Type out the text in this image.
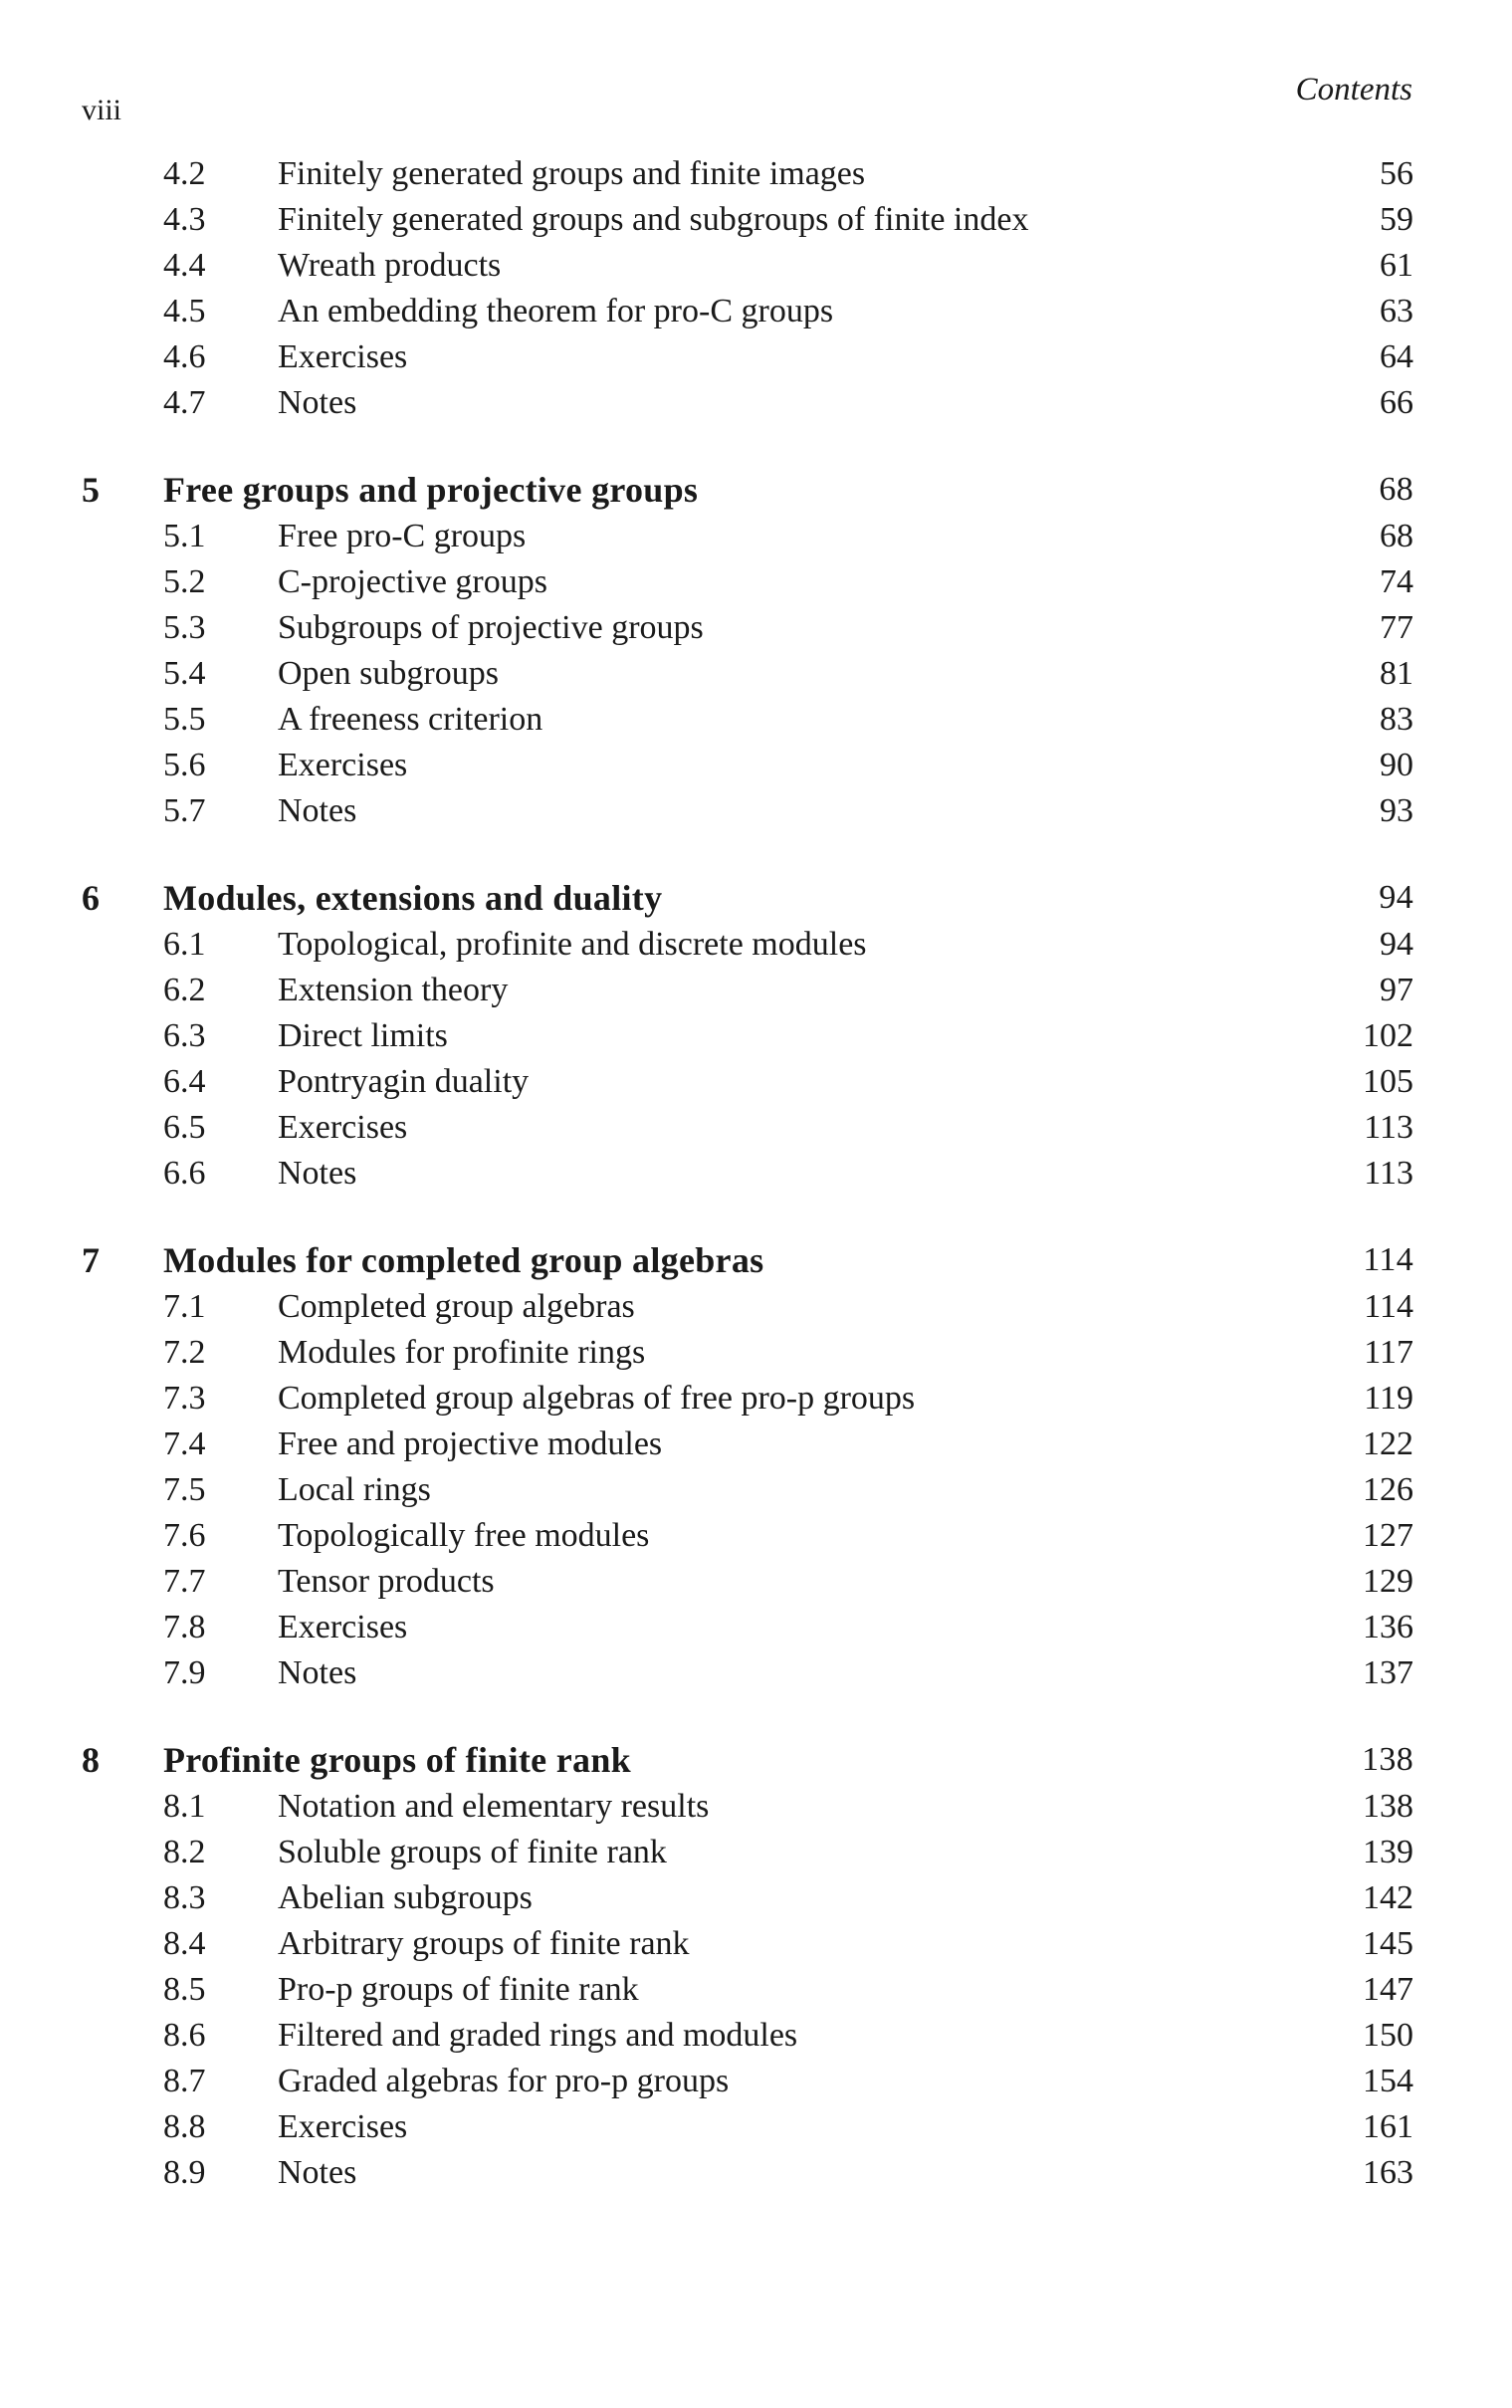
viii
Contents
4.2 Finitely generated groups and finite images	56
4.3 Finitely generated groups and subgroups of finite index	59
4.4 Wreath products	61
4.5 An embedding theorem for pro-C groups	63
4.6 Exercises	64
4.7 Notes	66
5 Free groups and projective groups	68
5.1 Free pro-C groups	68
5.2 C-projective groups	74
5.3 Subgroups of projective groups	77
5.4 Open subgroups	81
5.5 A freeness criterion	83
5.6 Exercises	90
5.7 Notes	93
6 Modules, extensions and duality	94
6.1 Topological, profinite and discrete modules	94
6.2 Extension theory	97
6.3 Direct limits	102
6.4 Pontryagin duality	105
6.5 Exercises	113
6.6 Notes	113
7 Modules for completed group algebras	114
7.1 Completed group algebras	114
7.2 Modules for profinite rings	117
7.3 Completed group algebras of free pro-p groups	119
7.4 Free and projective modules	122
7.5 Local rings	126
7.6 Topologically free modules	127
7.7 Tensor products	129
7.8 Exercises	136
7.9 Notes	137
8 Profinite groups of finite rank	138
8.1 Notation and elementary results	138
8.2 Soluble groups of finite rank	139
8.3 Abelian subgroups	142
8.4 Arbitrary groups of finite rank	145
8.5 Pro-p groups of finite rank	147
8.6 Filtered and graded rings and modules	150
8.7 Graded algebras for pro-p groups	154
8.8 Exercises	161
8.9 Notes	163
